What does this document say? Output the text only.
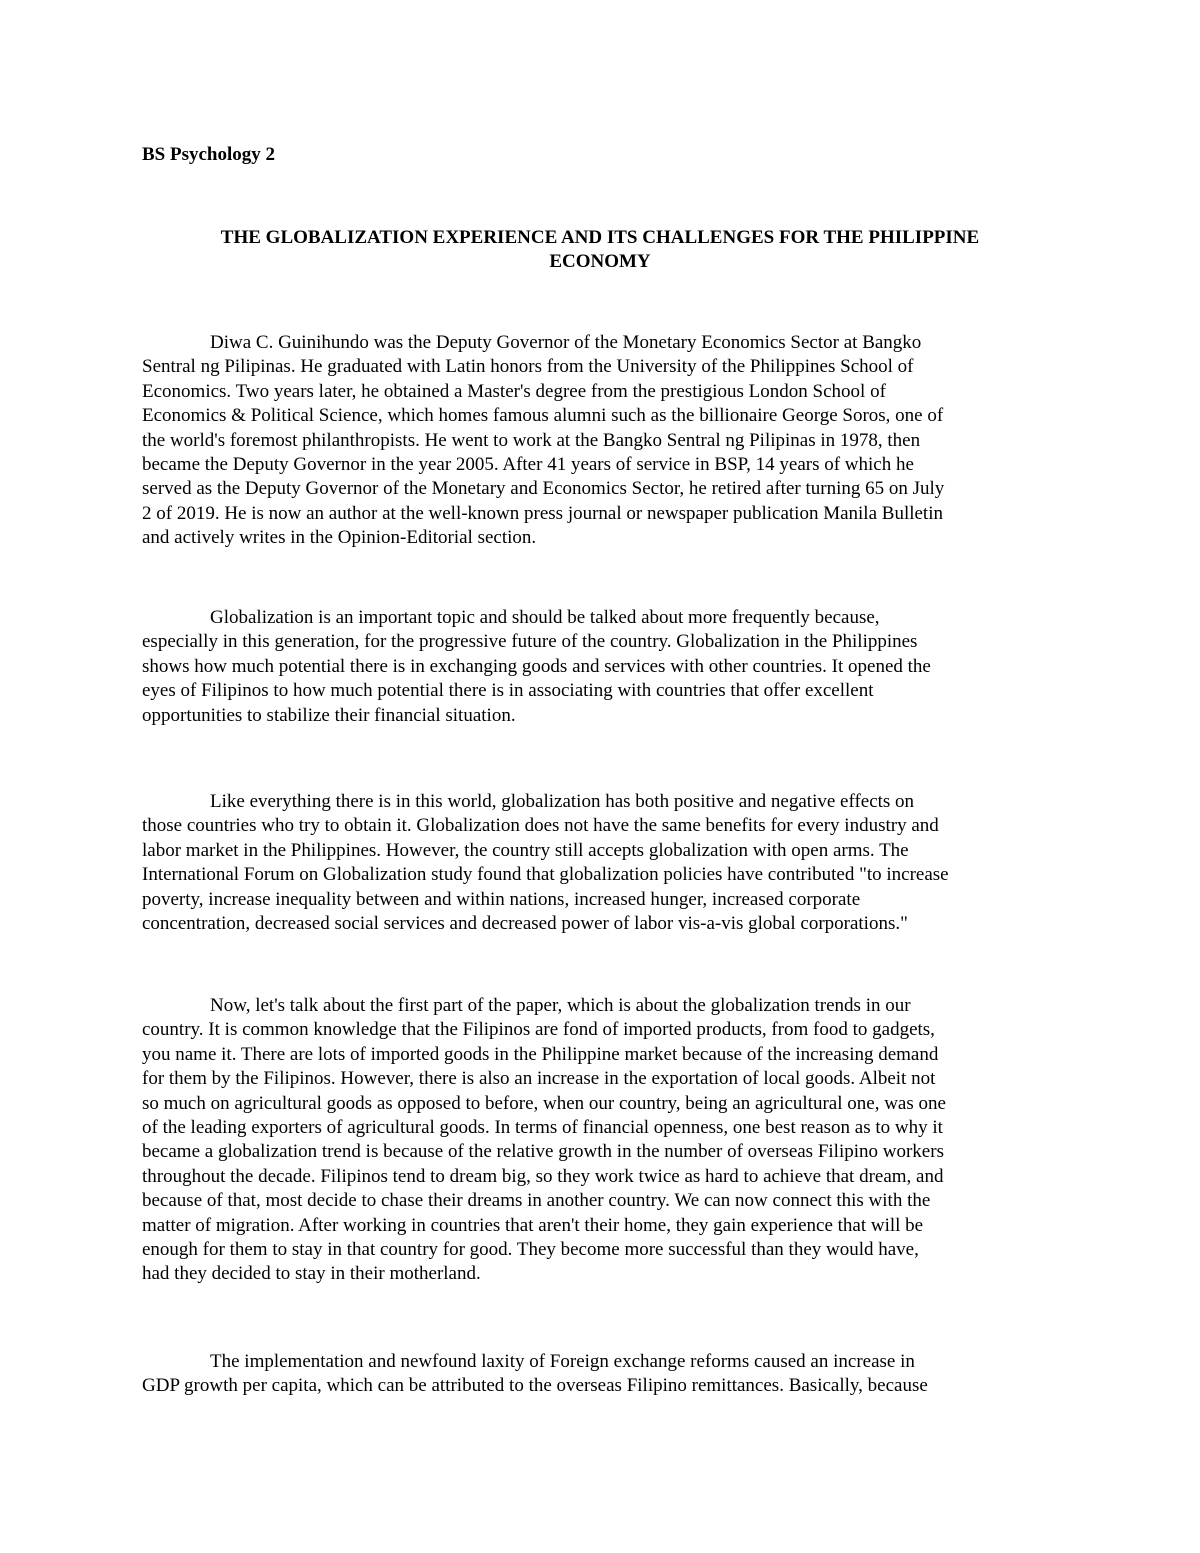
BS Psychology 2

THE GLOBALIZATION EXPERIENCE AND ITS CHALLENGES FOR THE PHILIPPINE
ECONOMY

Diwa C. Guinihundo was the Deputy Governor of the Monetary Economics Sector at Bangko
Sentral ng Pilipinas. He graduated with Latin honors from the University of the Philippines School of
Economics. Two years later, he obtained a Master's degree from the prestigious London School of
Economics & Political Science, which homes famous alumni such as the billionaire George Soros, one of
the world's foremost philanthropists. He went to work at the Bangko Sentral ng Pilipinas in 1978, then
became the Deputy Governor in the year 2005. After 41 years of service in BSP, 14 years of which he
served as the Deputy Governor of the Monetary and Economics Sector, he retired after turning 65 on July
2 of 2019. He is now an author at the well-known press journal or newspaper publication Manila Bulletin
and actively writes in the Opinion-Editorial section.

Globalization is an important topic and should be talked about more frequently because,
especially in this generation, for the progressive future of the country. Globalization in the Philippines
shows how much potential there is in exchanging goods and services with other countries. It opened the
eyes of Filipinos to how much potential there is in associating with countries that offer excellent
opportunities to stabilize their financial situation.

Like everything there is in this world, globalization has both positive and negative effects on
those countries who try to obtain it. Globalization does not have the same benefits for every industry and
labor market in the Philippines. However, the country still accepts globalization with open arms. The
International Forum on Globalization study found that globalization policies have contributed "to increase
poverty, increase inequality between and within nations, increased hunger, increased corporate
concentration, decreased social services and decreased power of labor vis-a-vis global corporations."

Now, let's talk about the first part of the paper, which is about the globalization trends in our
country. It is common knowledge that the Filipinos are fond of imported products, from food to gadgets,
you name it. There are lots of imported goods in the Philippine market because of the increasing demand
for them by the Filipinos. However, there is also an increase in the exportation of local goods. Albeit not
so much on agricultural goods as opposed to before, when our country, being an agricultural one, was one
of the leading exporters of agricultural goods. In terms of financial openness, one best reason as to why it
became a globalization trend is because of the relative growth in the number of overseas Filipino workers
throughout the decade. Filipinos tend to dream big, so they work twice as hard to achieve that dream, and
because of that, most decide to chase their dreams in another country. We can now connect this with the
matter of migration. After working in countries that aren't their home, they gain experience that will be
enough for them to stay in that country for good. They become more successful than they would have,
had they decided to stay in their motherland.

The implementation and newfound laxity of Foreign exchange reforms caused an increase in
GDP growth per capita, which can be attributed to the overseas Filipino remittances. Basically, because
